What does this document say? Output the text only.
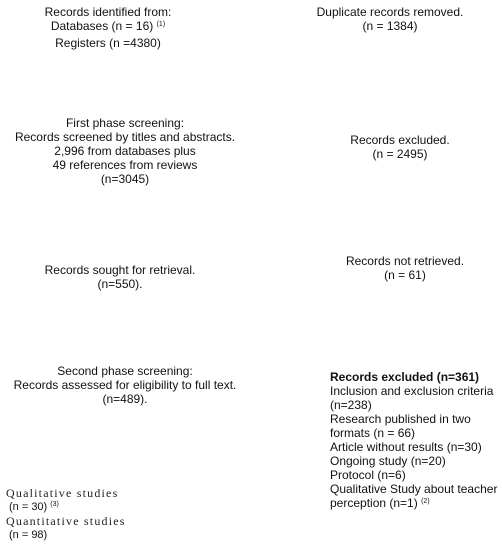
Records identified from:
Databases (n = 16) $^{(1)}$
Registers (n =4380)
Duplicate records removed.
(n = 1384)
First phase screening:
Records screened by titles and abstracts.
2,996 from databases plus
49 references from reviews
(n=3045)
Records excluded.
(n = 2495)
Records sought for retrieval.
(n=550).
Records not retrieved.
(n = 61)
Second phase screening:
Records assessed for eligibility to full text.
(n=489).
Records excluded (n=361)
Inclusion and exclusion criteria
(n=238)
Research published in two
formats (n = 66)
Article without results (n=30)
Ongoing study (n=20)
Protocol (n=6)
Qualitative Study about teacher
perception (n=1) $^{(2)}$
Qualitative studies
(n = 30) $^{(3)}$
Quantitative studies
(n = 98)
